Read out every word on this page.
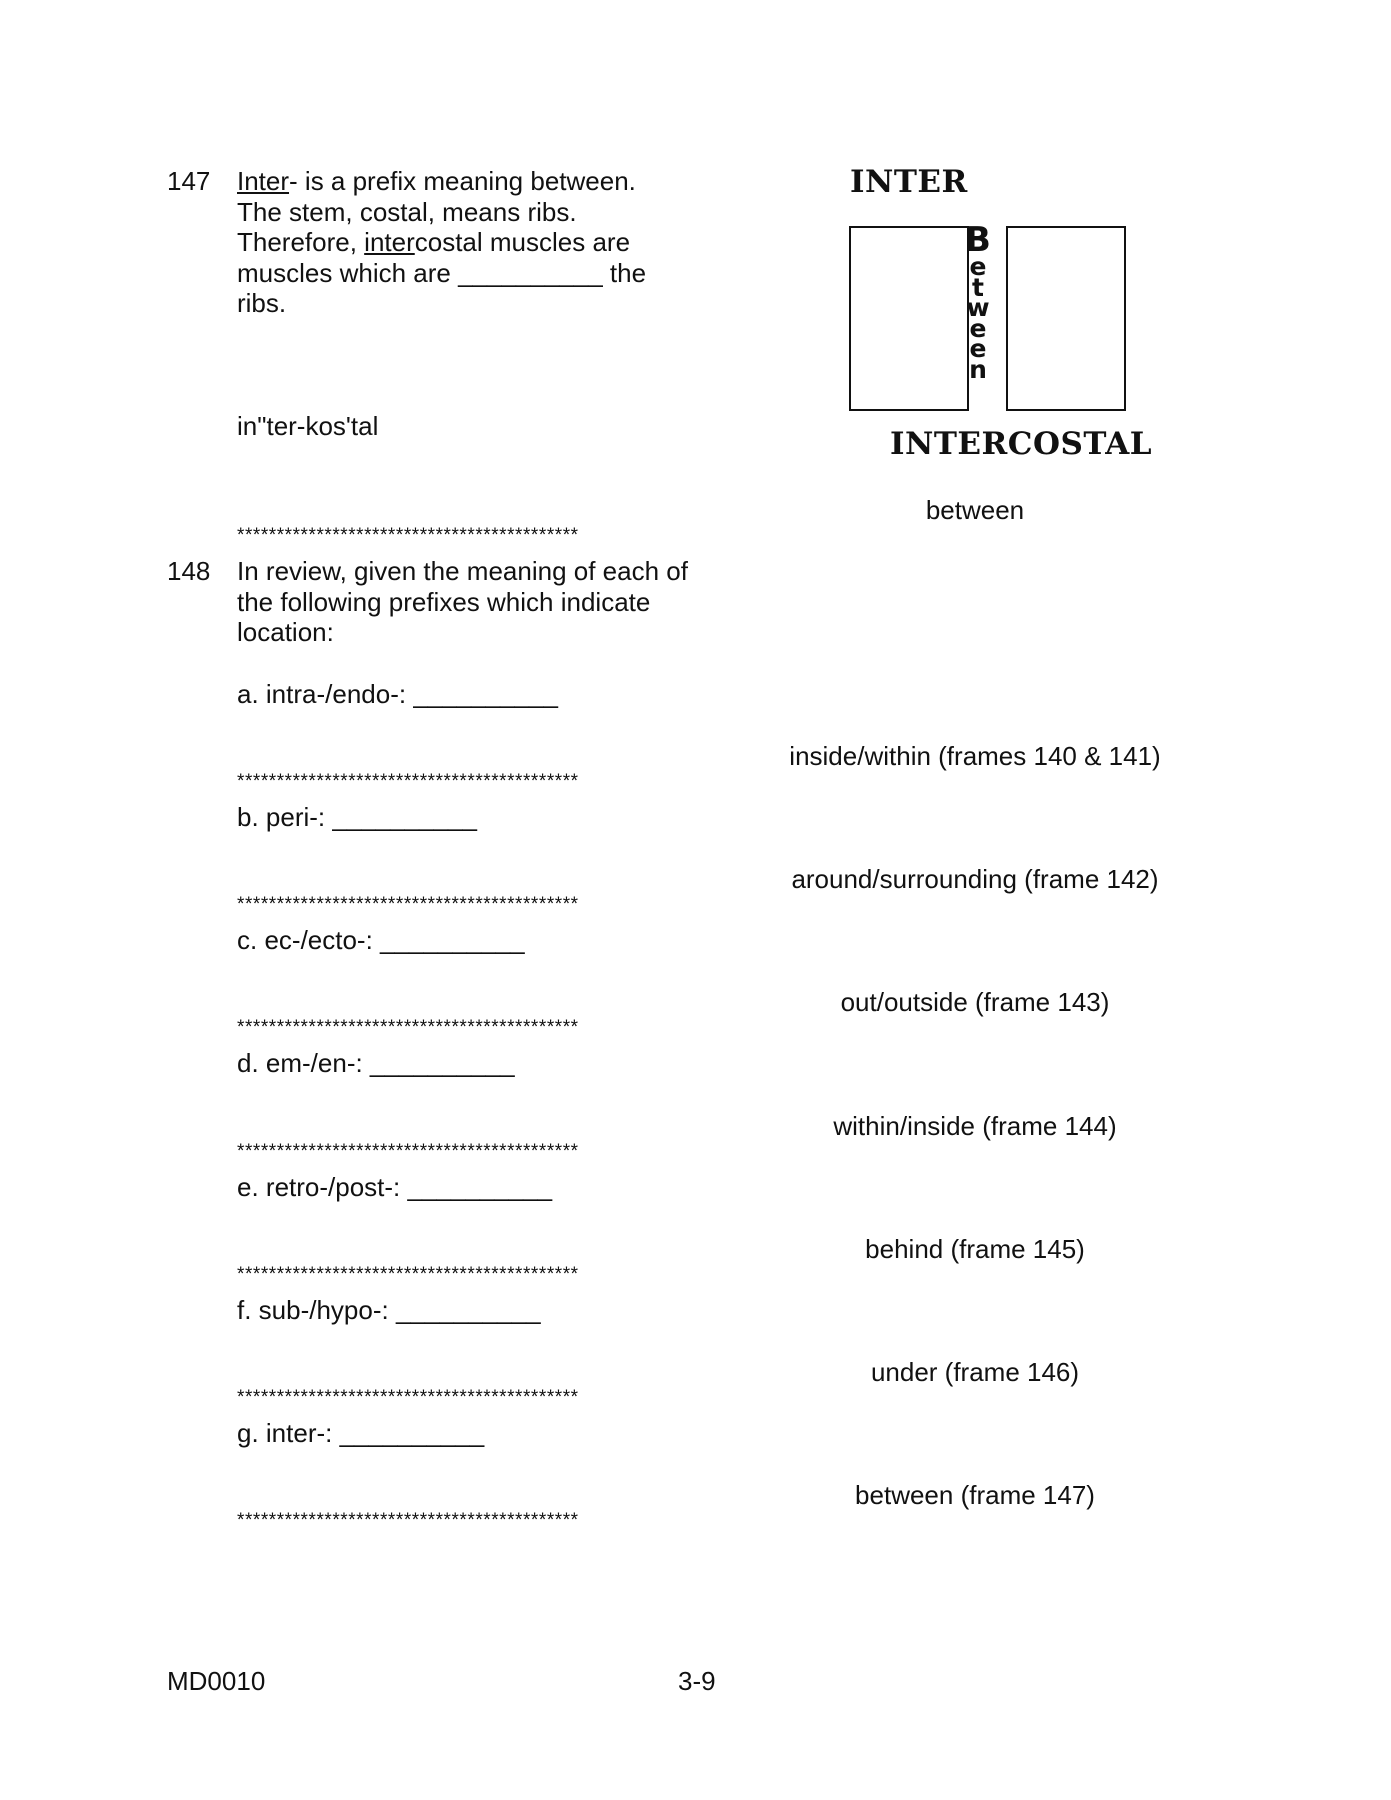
147 Inter- is a prefix meaning between.

The stem, costal, means ribs.

Therefore, intercostal muscles are

muscles which are __________ the

ribs.

in"ter-kos'tal

INTER
B
e
t
w
e
e
n
INTERCOSTAL

between

*******************************************

148 In review, given the meaning of each of

the following prefixes which indicate

location:

a. intra-/endo-: __________

inside/within (frames 140 & 141)

*******************************************

b. peri-: __________

around/surrounding (frame 142)

*******************************************

c. ec-/ecto-: __________

out/outside (frame 143)

*******************************************

d. em-/en-: __________

within/inside (frame 144)

*******************************************

e. retro-/post-: __________

behind (frame 145)

*******************************************

f. sub-/hypo-: __________

under (frame 146)

*******************************************

g. inter-: __________

between (frame 147)

*******************************************
MD0010	3-9
